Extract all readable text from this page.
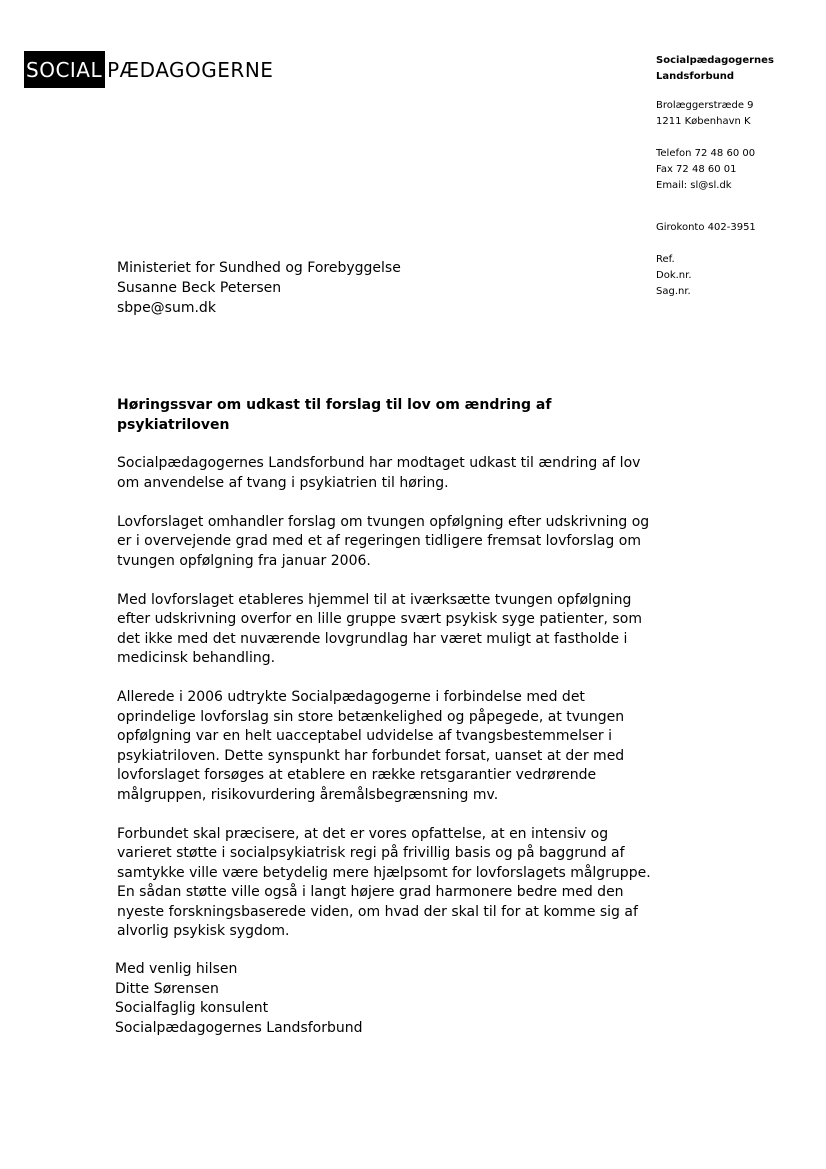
SOCIAL PÆDAGOGERNE	Socialpædagogernes
Landsforbund
Brolæggerstræde 9
1211 København K
Telefon 72 48 60 00
Fax 72 48 60 01
Email: sl@sl.dk
Girokonto 402-3951
Ref.
Dok.nr.
Sag.nr.
Ministeriet for Sundhed og Forebyggelse
Susanne Beck Petersen
sbpe@sum.dk
Høringssvar om udkast til forslag til lov om ændring af
psykiatriloven
Socialpædagogernes Landsforbund har modtaget udkast til ændring af lov
om anvendelse af tvang i psykiatrien til høring.
Lovforslaget omhandler forslag om tvungen opfølgning efter udskrivning og
er i overvejende grad med et af regeringen tidligere fremsat lovforslag om
tvungen opfølgning fra januar 2006.
Med lovforslaget etableres hjemmel til at iværksætte tvungen opfølgning
efter udskrivning overfor en lille gruppe svært psykisk syge patienter, som
det ikke med det nuværende lovgrundlag har været muligt at fastholde i
medicinsk behandling.
Allerede i 2006 udtrykte Socialpædagogerne i forbindelse med det
oprindelige lovforslag sin store betænkelighed og påpegede, at tvungen
opfølgning var en helt uacceptabel udvidelse af tvangsbestemmelser i
psykiatriloven. Dette synspunkt har forbundet forsat, uanset at der med
lovforslaget forsøges at etablere en række retsgarantier vedrørende
målgruppen, risikovurdering åremålsbegrænsning mv.
Forbundet skal præcisere, at det er vores opfattelse, at en intensiv og
varieret støtte i socialpsykiatrisk regi på frivillig basis og på baggrund af
samtykke ville være betydelig mere hjælpsomt for lovforslagets målgruppe.
En sådan støtte ville også i langt højere grad harmonere bedre med den
nyeste forskningsbaserede viden, om hvad der skal til for at komme sig af
alvorlig psykisk sygdom.
Med venlig hilsen
Ditte Sørensen
Socialfaglig konsulent
Socialpædagogernes Landsforbund
